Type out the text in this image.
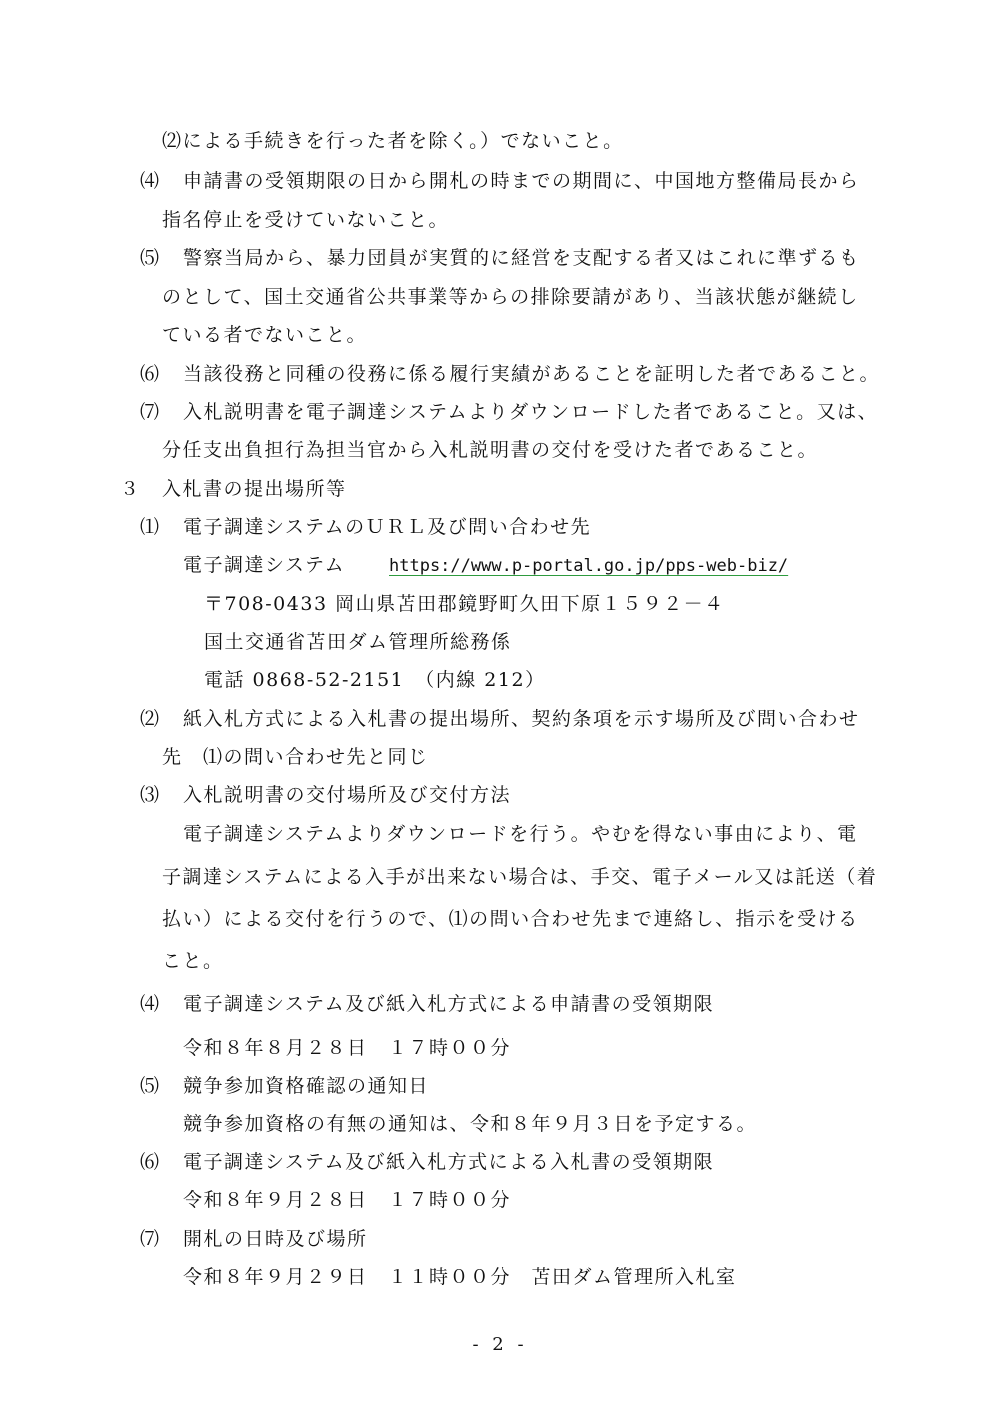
⑵による手続きを行った者を除く。）でないこと。
⑷ 申請書の受領期限の日から開札の時までの期間に、中国地方整備局長から
指名停止を受けていないこと。
⑸ 警察当局から、暴力団員が実質的に経営を支配する者又はこれに準ずるも
のとして、国土交通省公共事業等からの排除要請があり、当該状態が継続し
ている者でないこと。
⑹ 当該役務と同種の役務に係る履行実績があることを証明した者であること。
⑺ 入札説明書を電子調達システムよりダウンロードした者であること。又は、
分任支出負担行為担当官から入札説明書の交付を受けた者であること。
３ 入札書の提出場所等
⑴ 電子調達システムのＵＲＬ及び問い合わせ先
電子調達システム	https://www.p-portal.go.jp/pps-web-biz/
〒708-0433 岡山県苫田郡鏡野町久田下原１５９２－４
国土交通省苫田ダム管理所総務係
電話 0868-52-2151　（内線 212）
⑵ 紙入札方式による入札書の提出場所、契約条項を示す場所及び問い合わせ
先　⑴の問い合わせ先と同じ
⑶ 入札説明書の交付場所及び交付方法
電子調達システムよりダウンロードを行う。やむを得ない事由により、電
子調達システムによる入手が出来ない場合は、手交、電子メール又は託送（着
払い）による交付を行うので、⑴の問い合わせ先まで連絡し、指示を受ける
こと。
⑷ 電子調達システム及び紙入札方式による申請書の受領期限
令和８年８月２８日　１７時００分
⑸ 競争参加資格確認の通知日
競争参加資格の有無の通知は、令和８年９月３日を予定する。
⑹ 電子調達システム及び紙入札方式による入札書の受領期限
令和８年９月２８日　１７時００分
⑺ 開札の日時及び場所
令和８年９月２９日　１１時００分　苫田ダム管理所入札室
- 2 -
